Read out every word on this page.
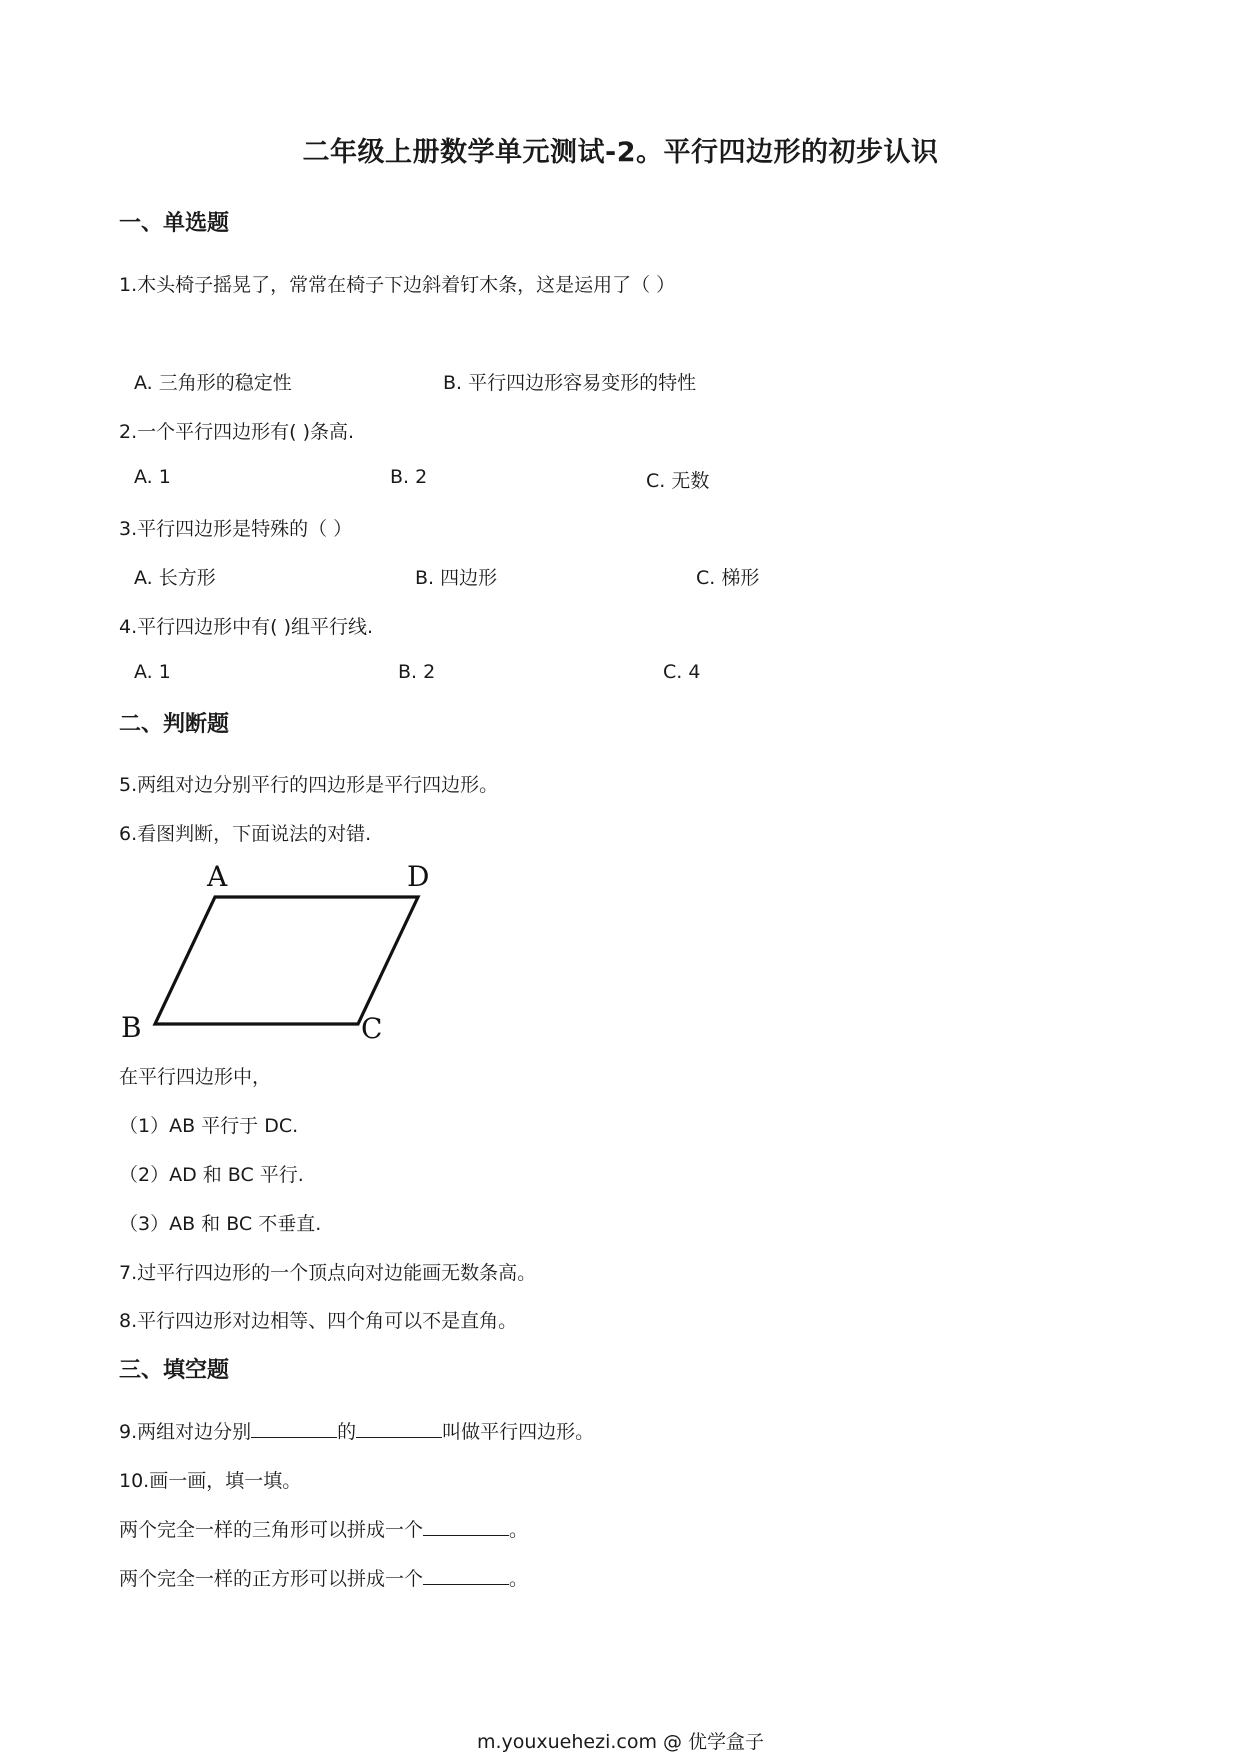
二年级上册数学单元测试-2。平行四边形的初步认识
一、单选题
1.木头椅子摇晃了，常常在椅子下边斜着钉木条，这是运用了（ ）
A. 三角形的稳定性	B. 平行四边形容易变形的特性
2.一个平行四边形有( )条高.
A. 1	B. 2	C. 无数
3.平行四边形是特殊的（ ）
A. 长方形	B. 四边形	C. 梯形
4.平行四边形中有( )组平行线.
A. 1	B. 2	C. 4
二、判断题
5.两组对边分别平行的四边形是平行四边形。
6.看图判断，下面说法的对错.
A	D
B	C
在平行四边形中，
（1）AB 平行于 DC.
（2）AD 和 BC 平行.
（3）AB 和 BC 不垂直.
7.过平行四边形的一个顶点向对边能画无数条高。
8.平行四边形对边相等、四个角可以不是直角。
三、填空题
9.两组对边分别	的	叫做平行四边形。
10.画一画，填一填。
两个完全一样的三角形可以拼成一个	。
两个完全一样的正方形可以拼成一个	。
m.youxuehezi.com @ 优学盒子
